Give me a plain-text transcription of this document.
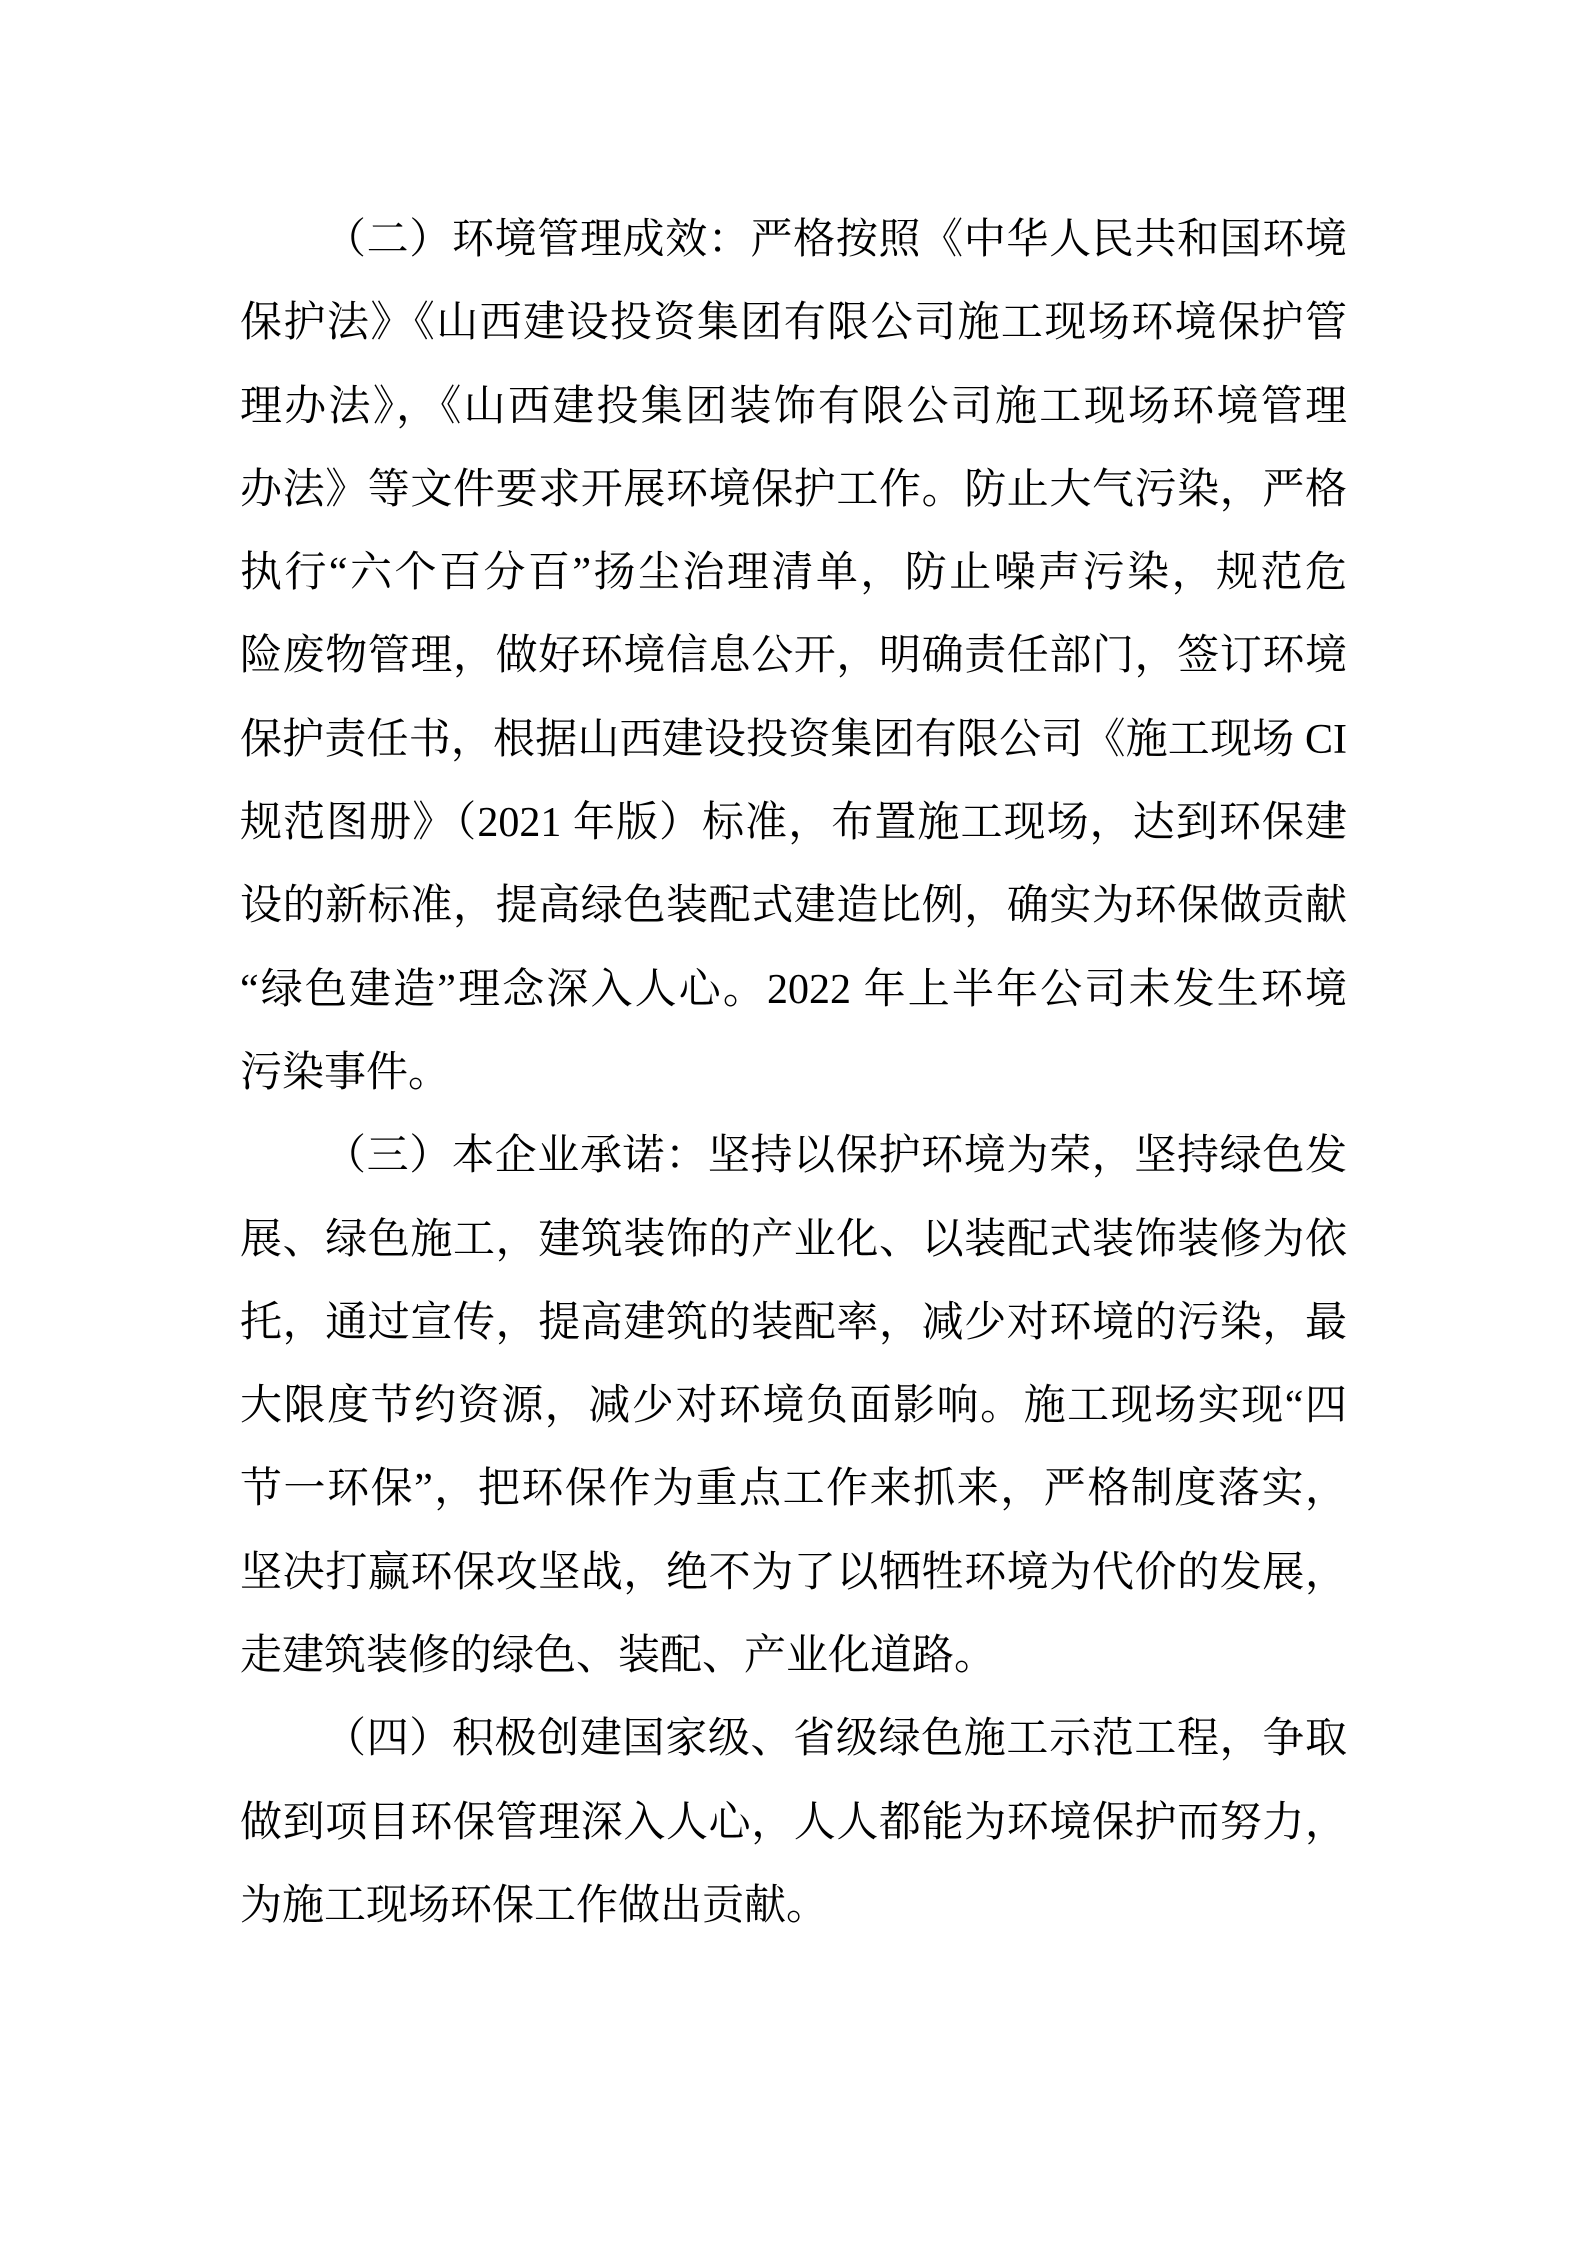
（二）环境管理成效：严格按照《中华人民共和国环境
保护法》《山西建设投资集团有限公司施工现场环境保护管
理办法》，《山西建投集团装饰有限公司施工现场环境管理
办法》等文件要求开展环境保护工作。防止大气污染，严格
执行“六个百分百”扬尘治理清单，防止噪声污染，规范危
险废物管理，做好环境信息公开，明确责任部门，签订环境
保护责任书，根据山西建设投资集团有限公司《施工现场 CI
规范图册》（2021 年版）标准，布置施工现场，达到环保建
设的新标准，提高绿色装配式建造比例，确实为环保做贡献
“绿色建造”理念深入人心。2022 年上半年公司未发生环境
污染事件。
（三）本企业承诺：坚持以保护环境为荣，坚持绿色发
展、绿色施工，建筑装饰的产业化、以装配式装饰装修为依
托，通过宣传，提高建筑的装配率，减少对环境的污染，最
大限度节约资源，减少对环境负面影响。施工现场实现“四
节一环保”，把环保作为重点工作来抓来，严格制度落实，
坚决打赢环保攻坚战，绝不为了以牺牲环境为代价的发展，
走建筑装修的绿色、装配、产业化道路。
（四）积极创建国家级、省级绿色施工示范工程，争取
做到项目环保管理深入人心，人人都能为环境保护而努力，
为施工现场环保工作做出贡献。
